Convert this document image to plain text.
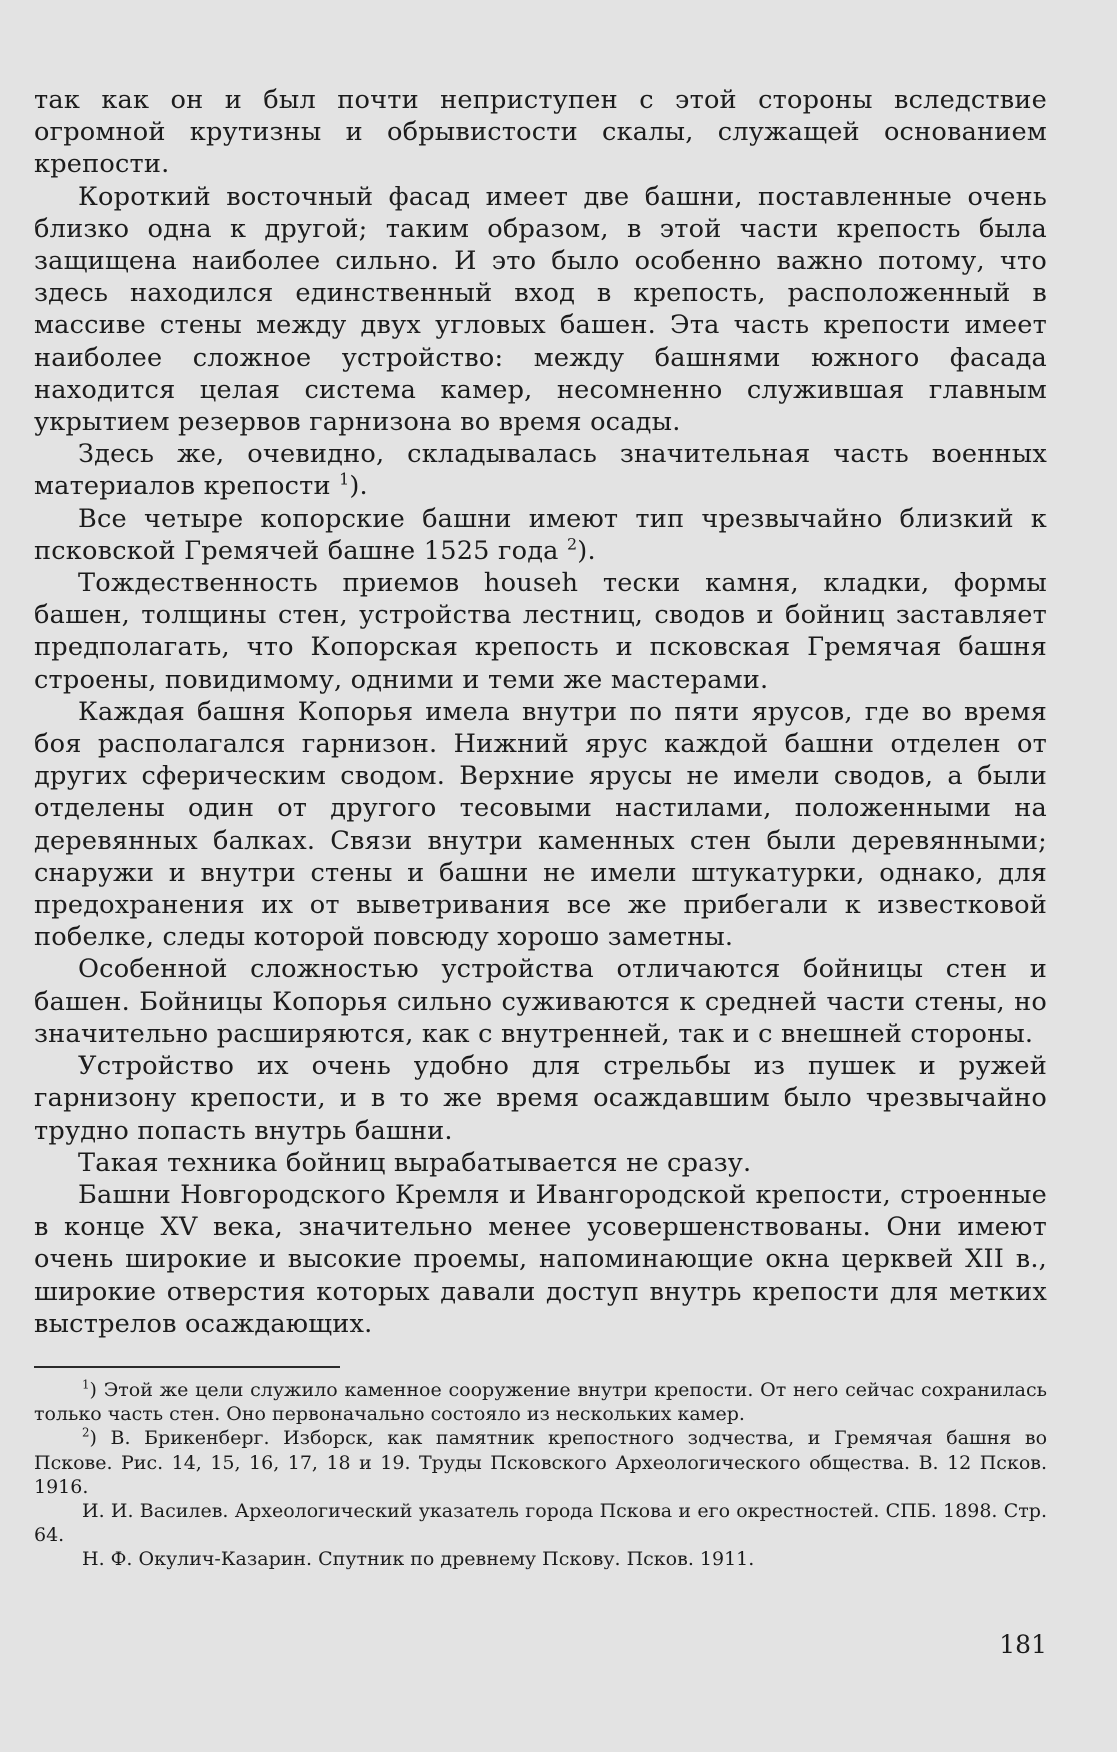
так как он и был почти неприступен с этой стороны вследствие огромной крутизны и обрывистости скалы, служащей основанием крепости.

Короткий восточный фасад имеет две башни, поставленные очень близко одна к другой; таким образом, в этой части крепость была защищена наиболее сильно. И это было особенно важно потому, что здесь находился единственный вход в крепость, расположенный в массиве стены между двух угловых башен. Эта часть крепости имеет наиболее сложное устройство: между башнями южного фасада находится целая система камер, несомненно служившая главным укрытием резервов гарнизона во время осады.

Здесь же, очевидно, складывалась значительная часть военных материалов крепости $^1$).

Все четыре копорские башни имеют тип чрезвычайно близкий к псковской Гремячей башне 1525 года $^2$).

Тождественность приемов househ тески камня, кладки, формы башен, толщины стен, устройства лестниц, сводов и бойниц заставляет предполагать, что Копорская крепость и псковская Гремячая башня строены, повидимому, одними и теми же мастерами.

Каждая башня Копорья имела внутри по пяти ярусов, где во время боя располагался гарнизон. Нижний ярус каждой башни отделен от других сферическим сводом. Верхние ярусы не имели сводов, а были отделены один от другого тесовыми настилами, положенными на деревянных балках. Связи внутри каменных стен были деревянными; снаружи и внутри стены и башни не имели штукатурки, однако, для предохранения их от выветривания все же прибегали к известковой побелке, следы которой повсюду хорошо заметны.

Особенной сложностью устройства отличаются бойницы стен и башен. Бойницы Копорья сильно суживаются к средней части стены, но значительно расширяются, как с внутренней, так и с внешней стороны.

Устройство их очень удобно для стрельбы из пушек и ружей гарнизону крепости, и в то же время осаждавшим было чрезвычайно трудно попасть внутрь башни.

Такая техника бойниц вырабатывается не сразу.

Башни Новгородского Кремля и Ивангородской крепости, строенные в конце XV века, значительно менее усовершенствованы. Они имеют очень широкие и высокие проемы, напоминающие окна церквей XII в., широкие отверстия которых давали доступ внутрь крепости для метких выстрелов осаждающих.

$^1$) Этой же цели служило каменное сооружение внутри крепости. От него сейчас сохранилась только часть стен. Оно первоначально состояло из нескольких камер.

$^2$) В. Брикенберг. Изборск, как памятник крепостного зодчества, и Гремячая башня во Пскове. Рис. 14, 15, 16, 17, 18 и 19. Труды Псковского Археологического общества. В. 12 Псков. 1916.

И. И. Василев. Археологический указатель города Пскова и его окрестностей. СПБ. 1898. Стр. 64.

Н. Ф. Окулич-Казарин. Спутник по древнему Пскову. Псков. 1911.

181
